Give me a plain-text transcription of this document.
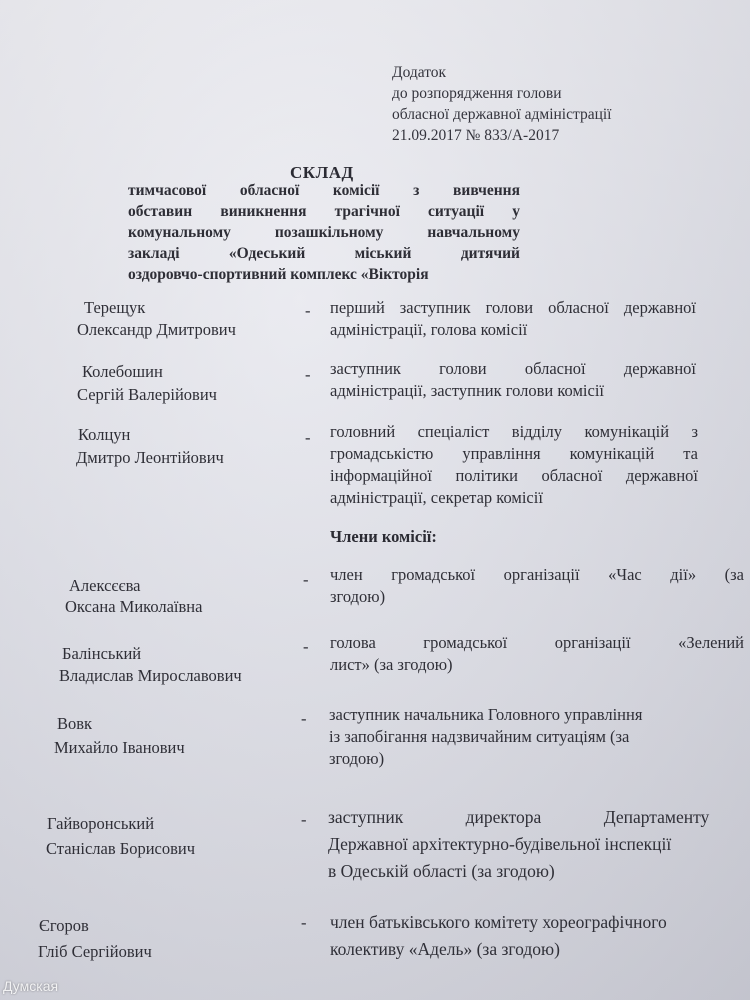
Додаток
до розпорядження голови
обласної державної адміністрації
21.09.2017 № 833/А-2017
СКЛАД
тимчасової обласної комісії з вивчення
обставин виникнення трагічної ситуації у
комунальному позашкільному навчальному
закладі «Одеський міський дитячий
оздоровчо-спортивний комплекс «Вікторія
Терещук
Олександр Дмитрович
- перший заступник голови обласної державної
адміністрації, голова комісії
Колебошин
Сергій Валерійович
- заступник голови обласної державної
адміністрації, заступник голови комісії
Колцун
Дмитро Леонтійович
- головний спеціаліст відділу комунікацій з
громадськістю управління комунікацій та
інформаційної політики обласної державної
адміністрації, секретар комісії
Члени комісії:
Алексєєва
Оксана Миколаївна
- член громадської організації «Час дії» (за
згодою)
Балінський
Владислав Мирославович
- голова громадської організації «Зелений
лист» (за згодою)
Вовк
Михайло Іванович
- заступник начальника Головного управління
із запобігання надзвичайним ситуаціям (за
згодою)
Гайворонський
Станіслав Борисович
- заступник директора Департаменту
Державної архітектурно-будівельної інспекції
в Одеській області (за згодою)
Єгоров
Гліб Сергійович
- член батьківського комітету хореографічного
колективу «Адель» (за згодою)
Думская
